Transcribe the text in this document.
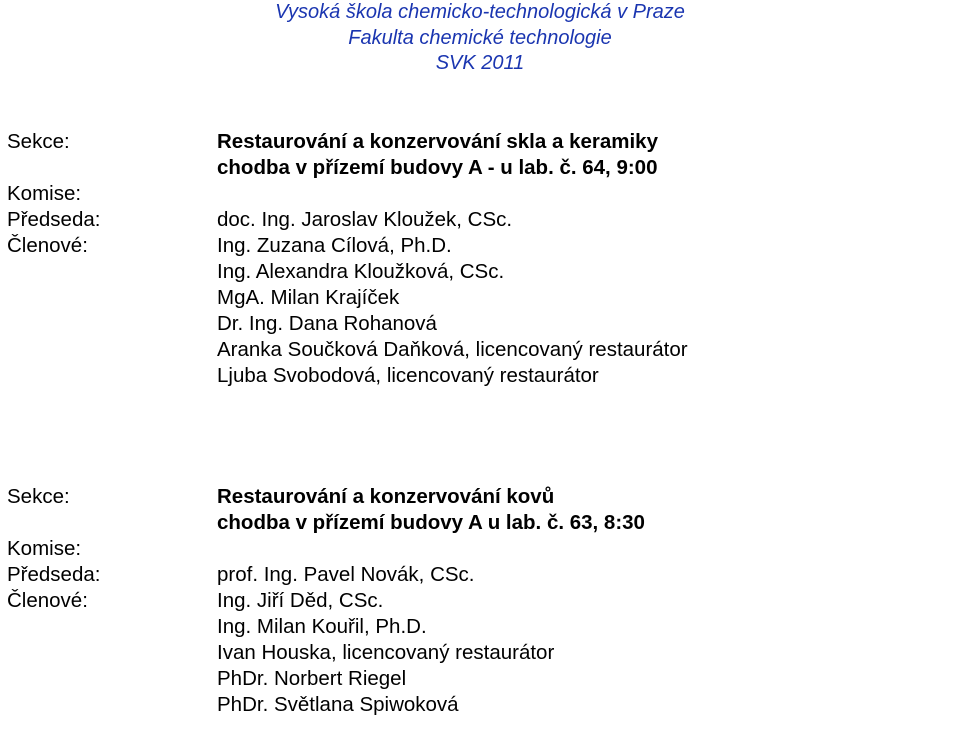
Vysoká škola chemicko-technologická v Praze
Fakulta chemické technologie
SVK 2011
Sekce:	Restaurování a konzervování skla a keramiky
chodba v přízemí budovy A - u lab. č. 64, 9:00
Komise:
Předseda:	doc. Ing. Jaroslav Kloužek, CSc.
Členové:	Ing. Zuzana Cílová, Ph.D.
Ing. Alexandra Kloužková, CSc.
MgA. Milan Krajíček
Dr. Ing. Dana Rohanová
Aranka Součková Daňková, licencovaný restaurátor
Ljuba Svobodová, licencovaný restaurátor
Sekce:	Restaurování a konzervování kovů
chodba v přízemí budovy A u lab. č. 63, 8:30
Komise:
Předseda:	prof. Ing. Pavel Novák, CSc.
Členové:	Ing. Jiří Děd, CSc.
Ing. Milan Kouřil, Ph.D.
Ivan Houska, licencovaný restaurátor
PhDr. Norbert Riegel
PhDr. Světlana Spiwoková
